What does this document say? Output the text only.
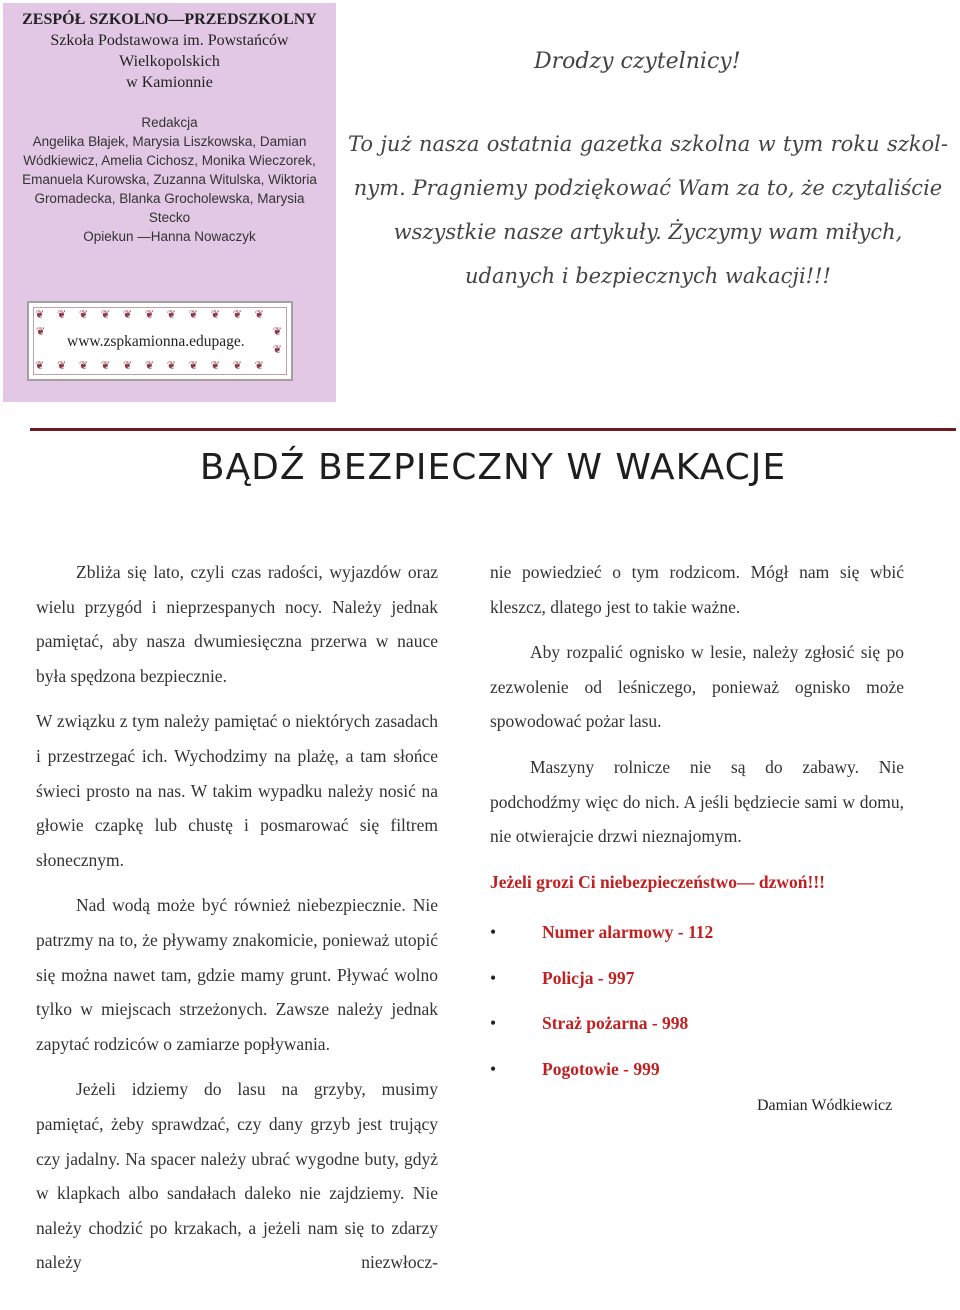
ZESPÓŁ SZKOLNO—PRZEDSZKOLNY
Szkoła Podstawowa im. Powstańców
Wielkopolskich
w Kamionnie
Redakcja
Angelika Błajek, Marysia Liszkowska, Damian Wódkiewicz, Amelia Cichosz, Monika Wieczorek, Emanuela Kurowska, Zuzanna Witulska, Wiktoria Gromadecka, Blanka Grocholewska, Marysia Stecko
Opiekun —Hanna Nowaczyk
❦ ❦ ❦ ❦ ❦ ❦ ❦ ❦ ❦ ❦ ❦
❦ ❦ ❦ ❦ ❦ ❦ ❦ ❦ ❦ ❦ ❦
❦	❦
❦
www.zspkamionna.edupage.
Drodzy czytelnicy!
To już nasza ostatnia gazetka szkolna w tym roku szkol-
nym. Pragniemy podziękować Wam za to, że czytaliście
wszystkie nasze artykuły. Życzymy wam miłych,
udanych i bezpiecznych wakacji!!!
BĄDŹ BEZPIECZNY W WAKACJE

Zbliża się lato, czyli czas radości, wyjazdów oraz wielu przygód i nieprzespanych nocy. Należy jednak pamiętać, aby nasza dwumiesięczna przerwa w nauce była spędzona bezpiecznie.

W związku z tym należy pamiętać o niektórych zasadach i przestrzegać ich. Wychodzimy na plażę, a tam słońce świeci prosto na nas. W takim wypadku należy nosić na głowie czapkę lub chustę i posmarować się filtrem słonecznym.

Nad wodą może być również niebezpiecznie. Nie patrzmy na to, że pływamy znakomicie, ponieważ utopić się można nawet tam, gdzie mamy grunt. Pływać wolno tylko w miejscach strzeżonych. Zawsze należy jednak zapytać rodziców o zamiarze popływania.

Jeżeli idziemy do lasu na grzyby, musimy pamiętać, żeby sprawdzać, czy dany grzyb jest trujący czy jadalny. Na spacer należy ubrać wygodne buty, gdyż w klapkach albo sandałach daleko nie zajdziemy. Nie należy chodzić po krzakach, a jeżeli nam się to zdarzy należy niezwłocz-

nie powiedzieć o tym rodzicom. Mógł nam się wbić kleszcz, dlatego jest to takie ważne.

Aby rozpalić ognisko w lesie, należy zgłosić się po zezwolenie od leśniczego, ponieważ ognisko może spowodować pożar lasu.

Maszyny rolnicze nie są do zabawy. Nie podchodźmy więc do nich. A jeśli będziecie sami w domu, nie otwierajcie drzwi nieznajomym.

Jeżeli grozi Ci niebezpieczeństwo— dzwoń!!!

• Numer alarmowy - 112
• Policja - 997
• Straż pożarna - 998
• Pogotowie - 999
Damian Wódkiewicz
